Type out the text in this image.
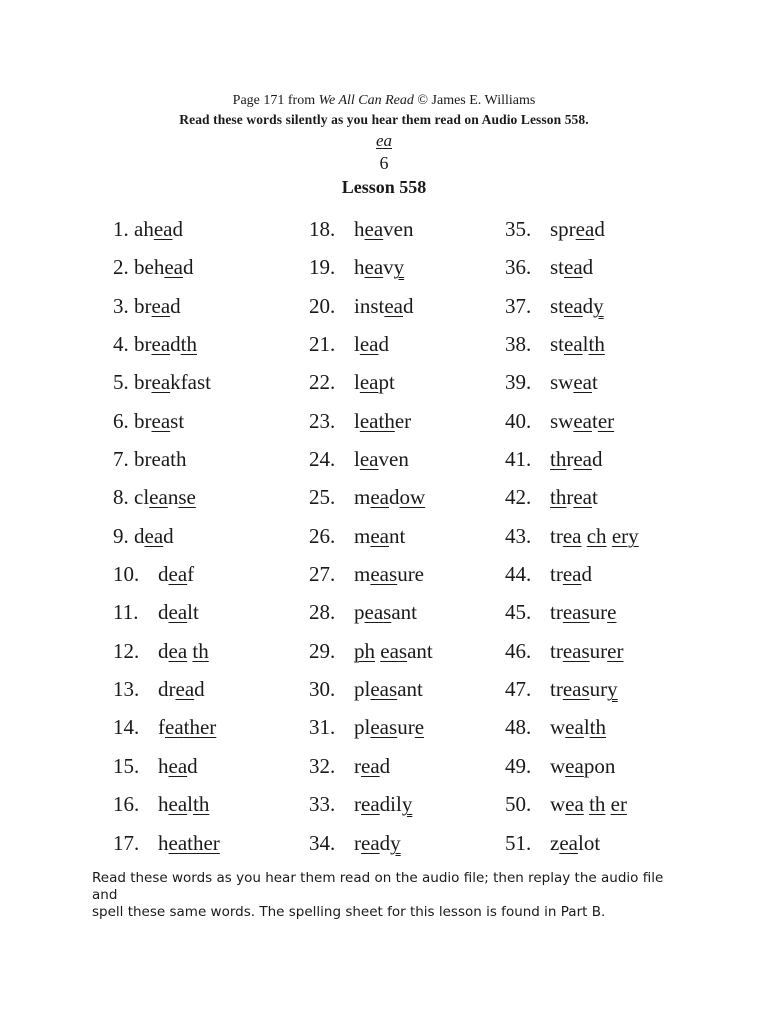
Page 171 from We All Can Read © James E. Williams
Read these words silently as you hear them read on Audio Lesson 558.
ea
6
Lesson 558
1. ahead
2. behead
3. bread
4. breadth
5. breakfast
6. breast
7. breath
8. cleanse
9. dead
10. deaf
11. dealt
12. dea th
13. dread
14. feather
15. head
16. health
17. heather
18. heaven
19. heavy
20. instead
21. lead
22. leapt
23. leather
24. leaven
25. meadow
26. meant
27. measure
28. peasant
29. ph easant
30. pleasant
31. pleasure
32. read
33. readily
34. ready
35. spread
36. stead
37. steady
38. stealth
39. sweat
40. sweater
41. thread
42. threat
43. trea ch ery
44. tread
45. treasure
46. treasurer
47. treasury
48. wealth
49. weapon
50. wea th er
51. zealot
Read these words as you hear them read on the audio file; then replay the audio file and
spell these same words. The spelling sheet for this lesson is found in Part B.
